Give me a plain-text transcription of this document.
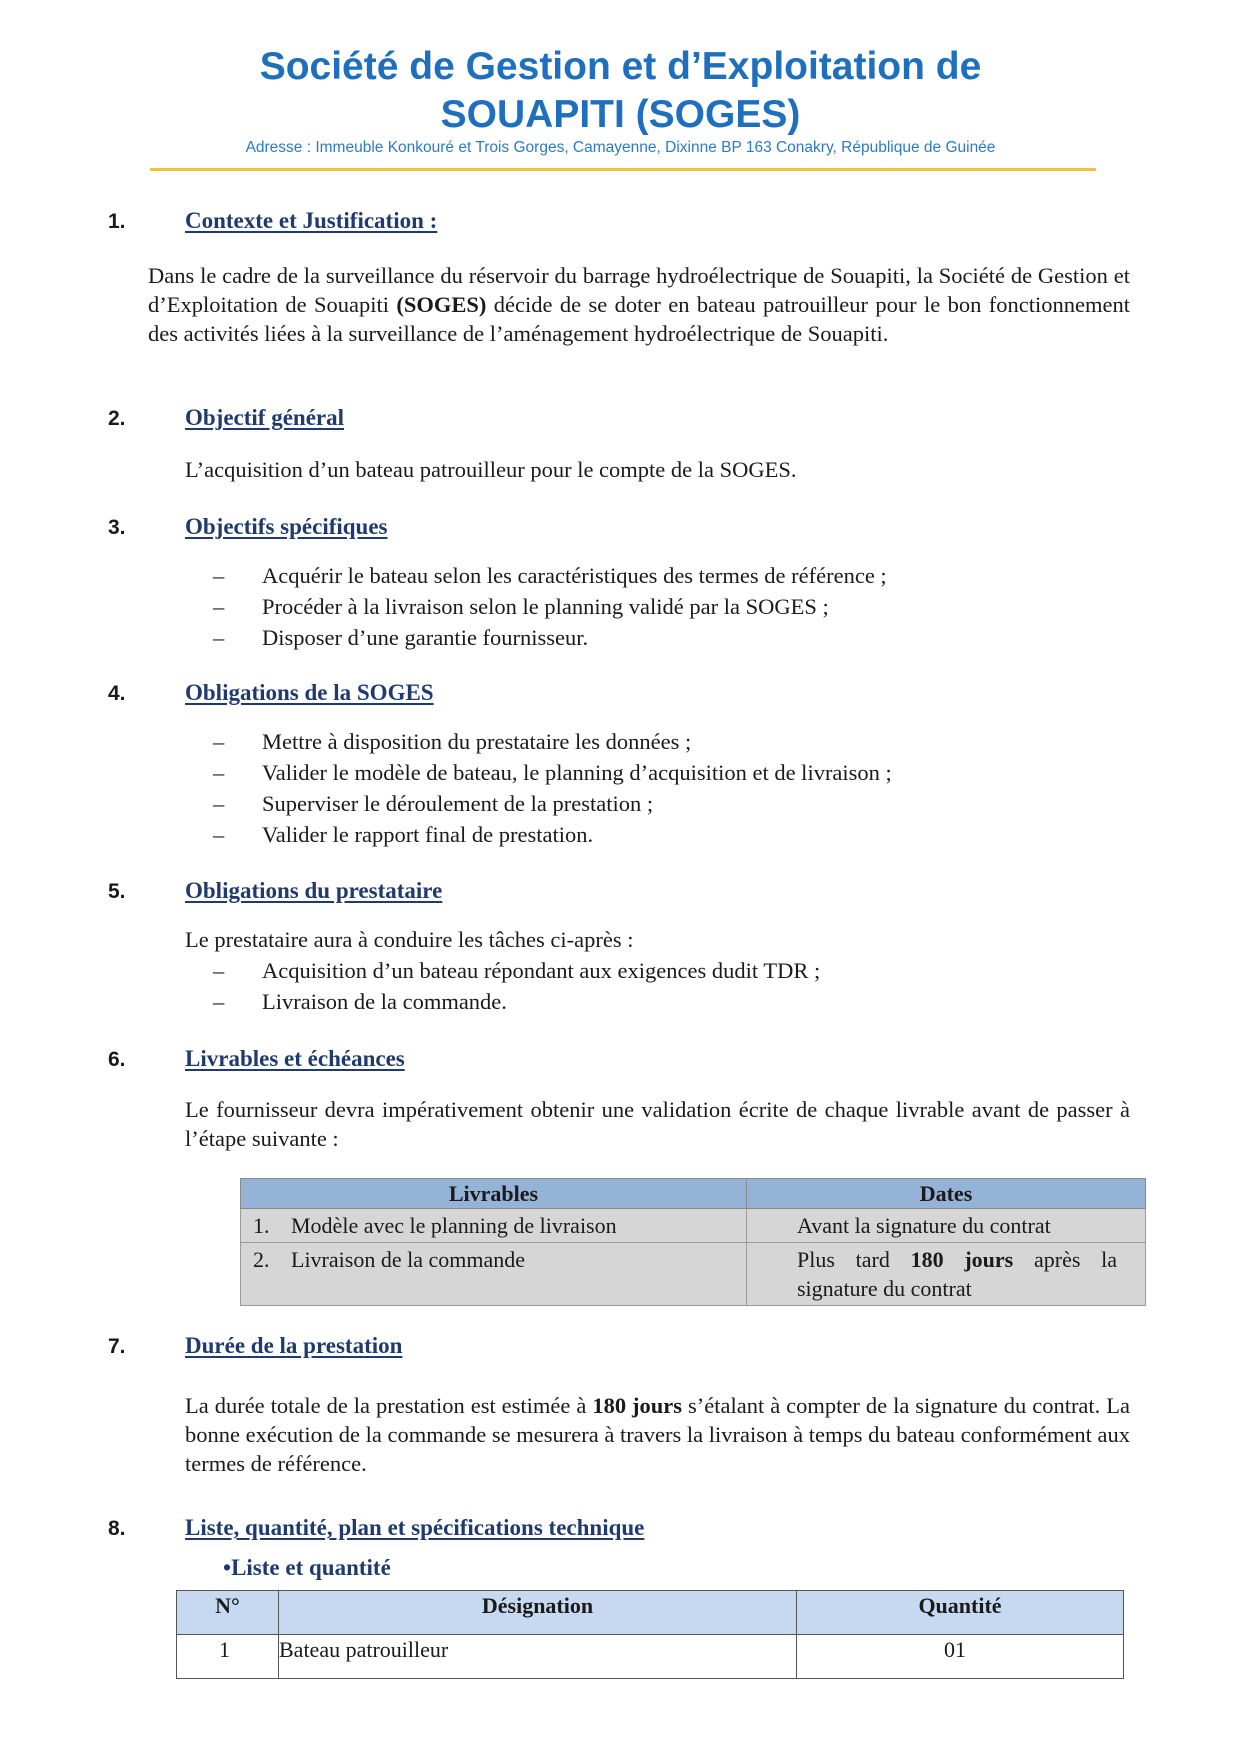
Société de Gestion et d’Exploitation de
SOUAPITI (SOGES)
Adresse : Immeuble Konkouré et Trois Gorges, Camayenne, Dixinne BP 163 Conakry, République de Guinée
1.	Contexte et Justification :
Dans le cadre de la surveillance du réservoir du barrage hydroélectrique de Souapiti, la Société de Gestion et d’Exploitation de Souapiti (SOGES) décide de se doter en bateau patrouilleur pour le bon fonctionnement des activités liées à la surveillance de l’aménagement hydroélectrique de Souapiti.
2.	Objectif général
L’acquisition d’un bateau patrouilleur pour le compte de la SOGES.
3.	Objectifs spécifiques
– Acquérir le bateau selon les caractéristiques des termes de référence ;
– Procéder à la livraison selon le planning validé par la SOGES ;
– Disposer d’une garantie fournisseur.
4.	Obligations de la SOGES
– Mettre à disposition du prestataire les données ;
– Valider le modèle de bateau, le planning d’acquisition et de livraison ;
– Superviser le déroulement de la prestation ;
– Valider le rapport final de prestation.
5.	Obligations du prestataire
Le prestataire aura à conduire les tâches ci-après :
– Acquisition d’un bateau répondant aux exigences dudit TDR ;
– Livraison de la commande.
6.	Livrables et échéances
Le fournisseur devra impérativement obtenir une validation écrite de chaque livrable avant de passer à l’étape suivante :
Livrables	Dates
1. Modèle avec le planning de livraison	Avant la signature du contrat
2. Livraison de la commande	Plus tard 180 jours après la signature du contrat
7.	Durée de la prestation
La durée totale de la prestation est estimée à 180 jours s’étalant à compter de la signature du contrat. La bonne exécution de la commande se mesurera à travers la livraison à temps du bateau conformément aux termes de référence.
8.	Liste, quantité, plan et spécifications technique
•Liste et quantité
N°	Désignation	Quantité
1	Bateau patrouilleur	01
